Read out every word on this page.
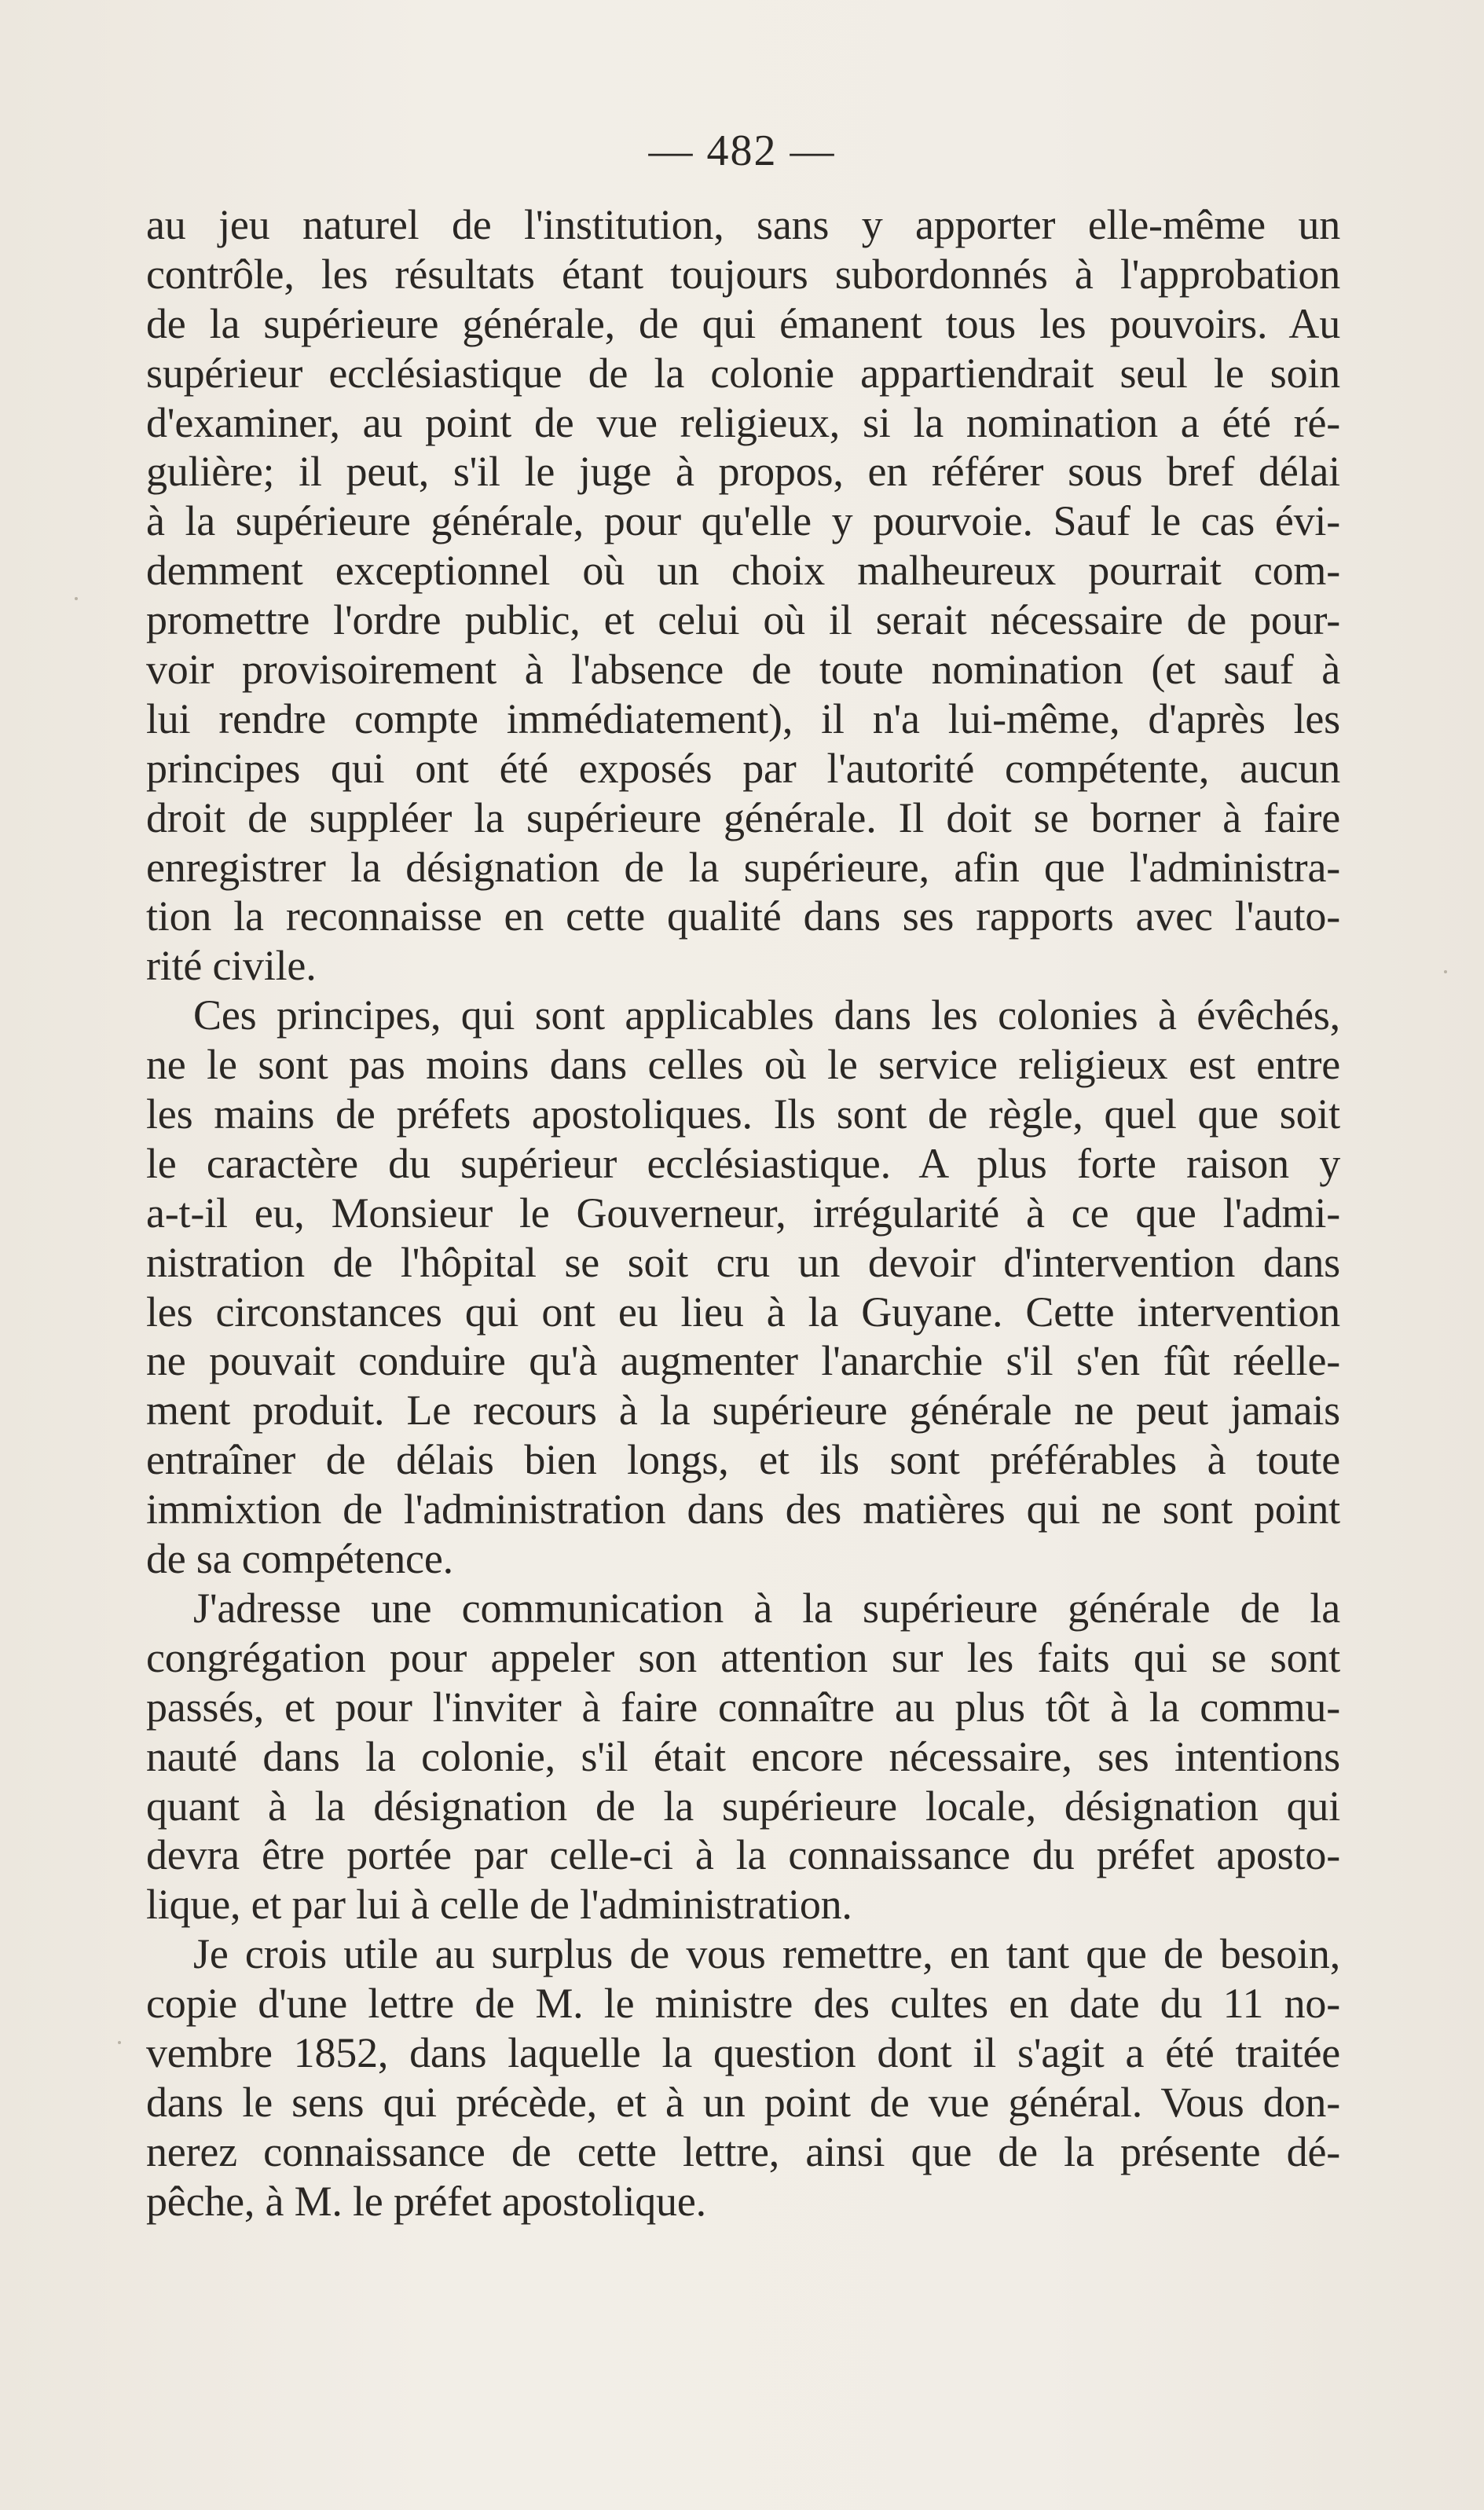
— 482 —
au jeu naturel de l'institution, sans y apporter elle-même un
contrôle, les résultats étant toujours subordonnés à l'approbation
de la supérieure générale, de qui émanent tous les pouvoirs. Au
supérieur ecclésiastique de la colonie appartiendrait seul le soin
d'examiner, au point de vue religieux, si la nomination a été ré-
gulière; il peut, s'il le juge à propos, en référer sous bref délai
à la supérieure générale, pour qu'elle y pourvoie. Sauf le cas évi-
demment exceptionnel où un choix malheureux pourrait com-
promettre l'ordre public, et celui où il serait nécessaire de pour-
voir provisoirement à l'absence de toute nomination (et sauf à
lui rendre compte immédiatement), il n'a lui-même, d'après les
principes qui ont été exposés par l'autorité compétente, aucun
droit de suppléer la supérieure générale. Il doit se borner à faire
enregistrer la désignation de la supérieure, afin que l'administra-
tion la reconnaisse en cette qualité dans ses rapports avec l'auto-
rité civile.
Ces principes, qui sont applicables dans les colonies à évêchés,
ne le sont pas moins dans celles où le service religieux est entre
les mains de préfets apostoliques. Ils sont de règle, quel que soit
le caractère du supérieur ecclésiastique. A plus forte raison y
a-t-il eu, Monsieur le Gouverneur, irrégularité à ce que l'admi-
nistration de l'hôpital se soit cru un devoir d'intervention dans
les circonstances qui ont eu lieu à la Guyane. Cette intervention
ne pouvait conduire qu'à augmenter l'anarchie s'il s'en fût réelle-
ment produit. Le recours à la supérieure générale ne peut jamais
entraîner de délais bien longs, et ils sont préférables à toute
immixtion de l'administration dans des matières qui ne sont point
de sa compétence.
J'adresse une communication à la supérieure générale de la
congrégation pour appeler son attention sur les faits qui se sont
passés, et pour l'inviter à faire connaître au plus tôt à la commu-
nauté dans la colonie, s'il était encore nécessaire, ses intentions
quant à la désignation de la supérieure locale, désignation qui
devra être portée par celle-ci à la connaissance du préfet aposto-
lique, et par lui à celle de l'administration.
Je crois utile au surplus de vous remettre, en tant que de besoin,
copie d'une lettre de M. le ministre des cultes en date du 11 no-
vembre 1852, dans laquelle la question dont il s'agit a été traitée
dans le sens qui précède, et à un point de vue général. Vous don-
nerez connaissance de cette lettre, ainsi que de la présente dé-
pêche, à M. le préfet apostolique.
